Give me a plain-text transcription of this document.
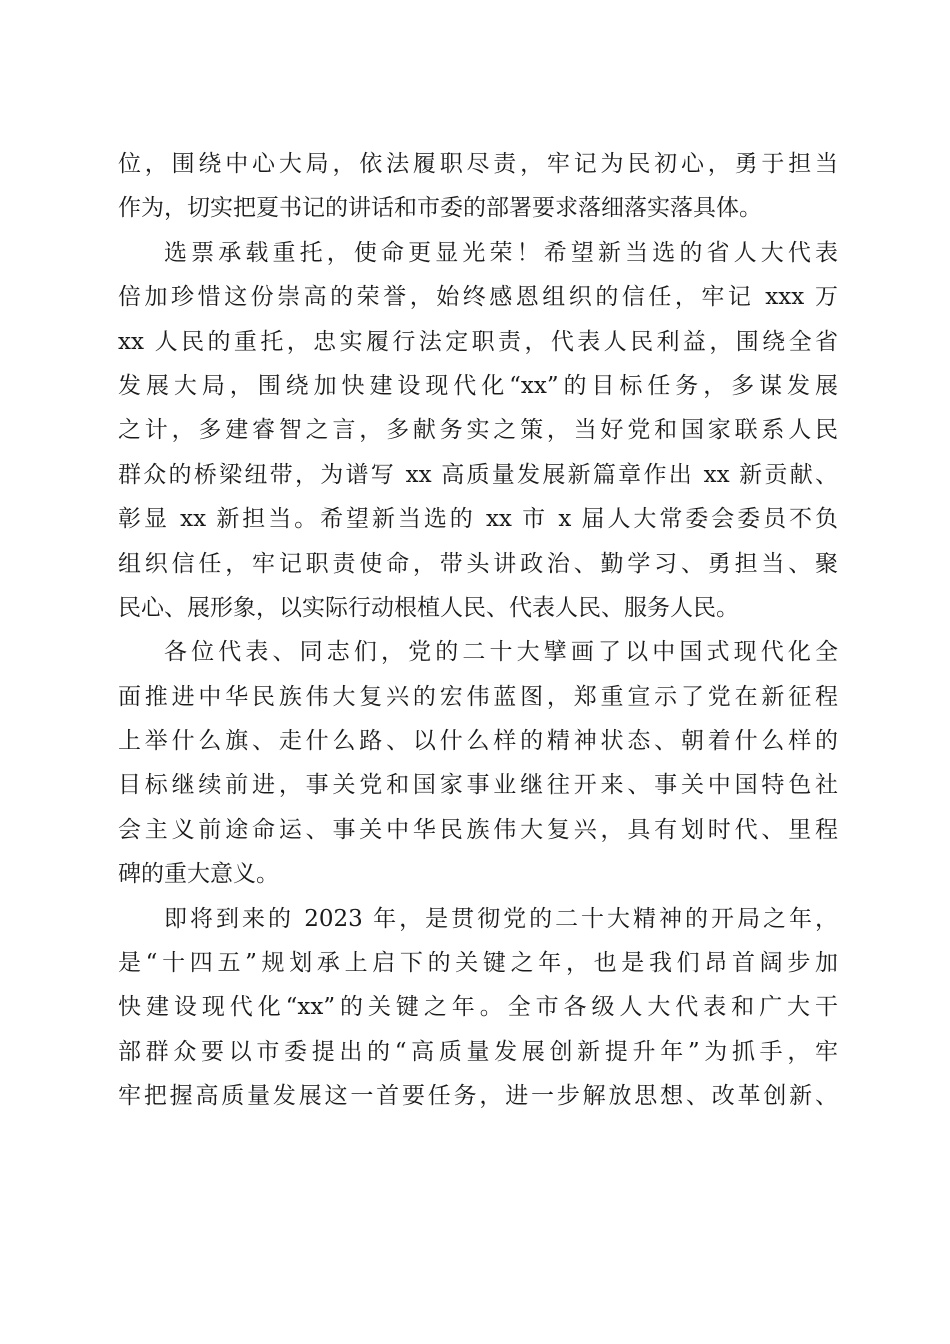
位，围绕中心大局，依法履职尽责，牢记为民初心，勇于担当
作为，切实把夏书记的讲话和市委的部署要求落细落实落具体。
选票承载重托，使命更显光荣！希望新当选的省人大代表
倍加珍惜这份崇高的荣誉，始终感恩组织的信任，牢记 xxx 万
xx 人民的重托，忠实履行法定职责，代表人民利益，围绕全省
发展大局，围绕加快建设现代化“xx”的目标任务，多谋发展
之计，多建睿智之言，多献务实之策，当好党和国家联系人民
群众的桥梁纽带，为谱写 xx 高质量发展新篇章作出 xx 新贡献、
彰显 xx 新担当。希望新当选的 xx 市 x 届人大常委会委员不负
组织信任，牢记职责使命，带头讲政治、勤学习、勇担当、聚
民心、展形象，以实际行动根植人民、代表人民、服务人民。
各位代表、同志们，党的二十大擘画了以中国式现代化全
面推进中华民族伟大复兴的宏伟蓝图，郑重宣示了党在新征程
上举什么旗、走什么路、以什么样的精神状态、朝着什么样的
目标继续前进，事关党和国家事业继往开来、事关中国特色社
会主义前途命运、事关中华民族伟大复兴，具有划时代、里程
碑的重大意义。
即将到来的 2023 年，是贯彻党的二十大精神的开局之年，
是“十四五”规划承上启下的关键之年，也是我们昂首阔步加
快建设现代化“xx”的关键之年。全市各级人大代表和广大干
部群众要以市委提出的“高质量发展创新提升年”为抓手，牢
牢把握高质量发展这一首要任务，进一步解放思想、改革创新、
